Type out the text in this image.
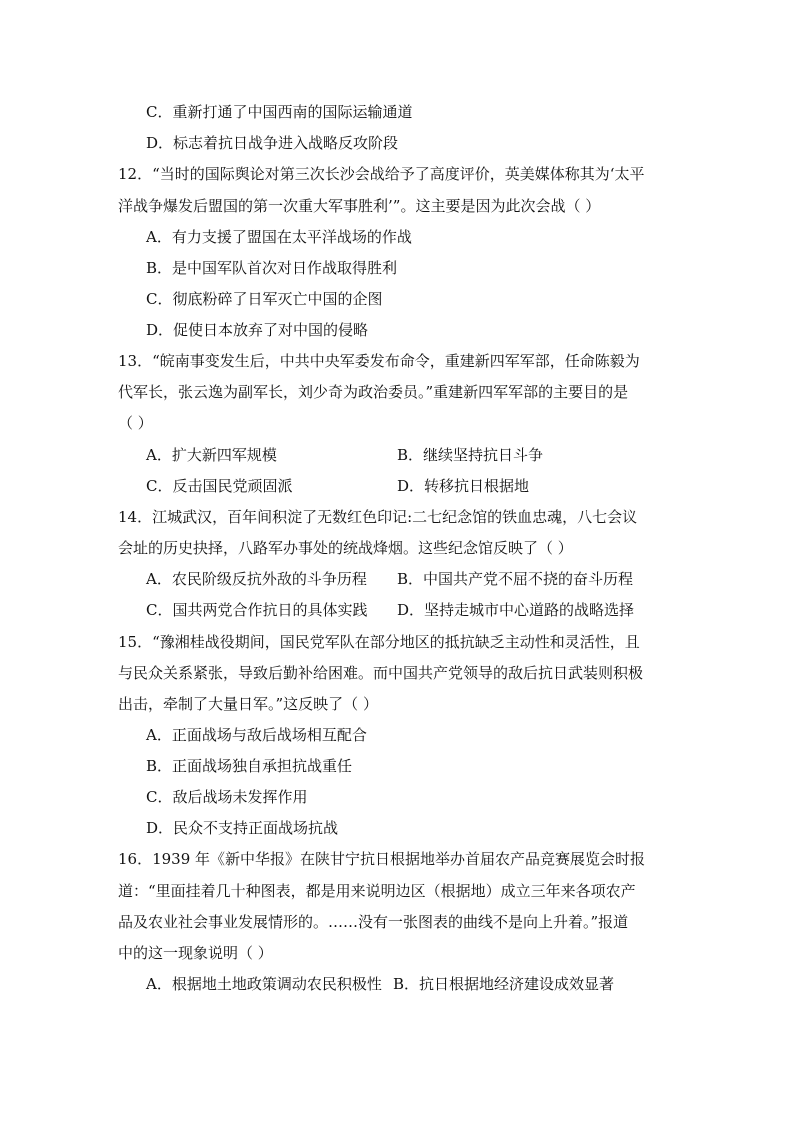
C．重新打通了中国西南的国际运输通道
D．标志着抗日战争进入战略反攻阶段
12．“当时的国际舆论对第三次长沙会战给予了高度评价，英美媒体称其为‘太平
洋战争爆发后盟国的第一次重大军事胜利’”。这主要是因为此次会战（ ）
A．有力支援了盟国在太平洋战场的作战
B．是中国军队首次对日作战取得胜利
C．彻底粉碎了日军灭亡中国的企图
D．促使日本放弃了对中国的侵略
13．“皖南事变发生后，中共中央军委发布命令，重建新四军军部，任命陈毅为
代军长，张云逸为副军长，刘少奇为政治委员。”重建新四军军部的主要目的是
（ ）
A．扩大新四军规模	B．继续坚持抗日斗争
C．反击国民党顽固派	D．转移抗日根据地
14．江城武汉，百年间积淀了无数红色印记:二七纪念馆的铁血忠魂，八七会议
会址的历史抉择，八路军办事处的统战烽烟。这些纪念馆反映了（ ）
A．农民阶级反抗外敌的斗争历程 B．中国共产党不屈不挠的奋斗历程
C．国共两党合作抗日的具体实践 D．坚持走城市中心道路的战略选择
15．“豫湘桂战役期间，国民党军队在部分地区的抵抗缺乏主动性和灵活性，且
与民众关系紧张，导致后勤补给困难。而中国共产党领导的敌后抗日武装则积极
出击，牵制了大量日军。”这反映了（ ）
A．正面战场与敌后战场相互配合
B．正面战场独自承担抗战重任
C．敌后战场未发挥作用
D．民众不支持正面战场抗战
16．1939 年《新中华报》在陕甘宁抗日根据地举办首届农产品竞赛展览会时报
道：“里面挂着几十种图表，都是用来说明边区（根据地）成立三年来各项农产
品及农业社会事业发展情形的。……没有一张图表的曲线不是向上升着。”报道
中的这一现象说明（ ）
A．根据地土地政策调动农民积极性 B．抗日根据地经济建设成效显著
